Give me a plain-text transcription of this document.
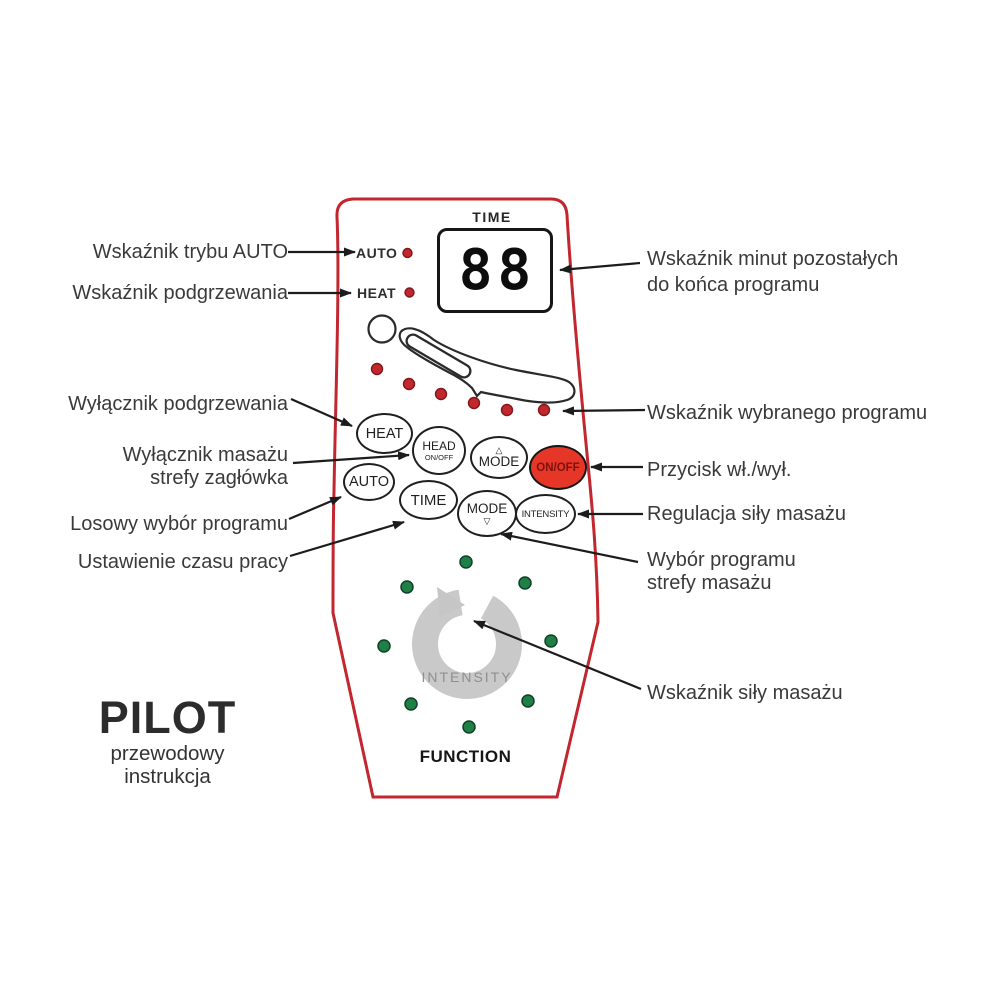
INTENSITY
TIME
88
AUTO
HEAT
HEAT
HEAD
ON/OFF
△
MODE ON/OFF
AUTO
TIME MODE
▽
INTENSITY
FUNCTION
Wskaźnik trybu AUTO
Wskaźnik podgrzewania
Wyłącznik podgrzewania
Wyłącznik masażu
strefy zagłówka
Losowy wybór programu
Ustawienie czasu pracy
Wskaźnik minut pozostałych
do końca programu
Wskaźnik wybranego programu
Przycisk wł./wył.
Regulacja siły masażu
Wybór programu
strefy masażu
Wskaźnik siły masażu
PILOT
przewodowy
instrukcja
